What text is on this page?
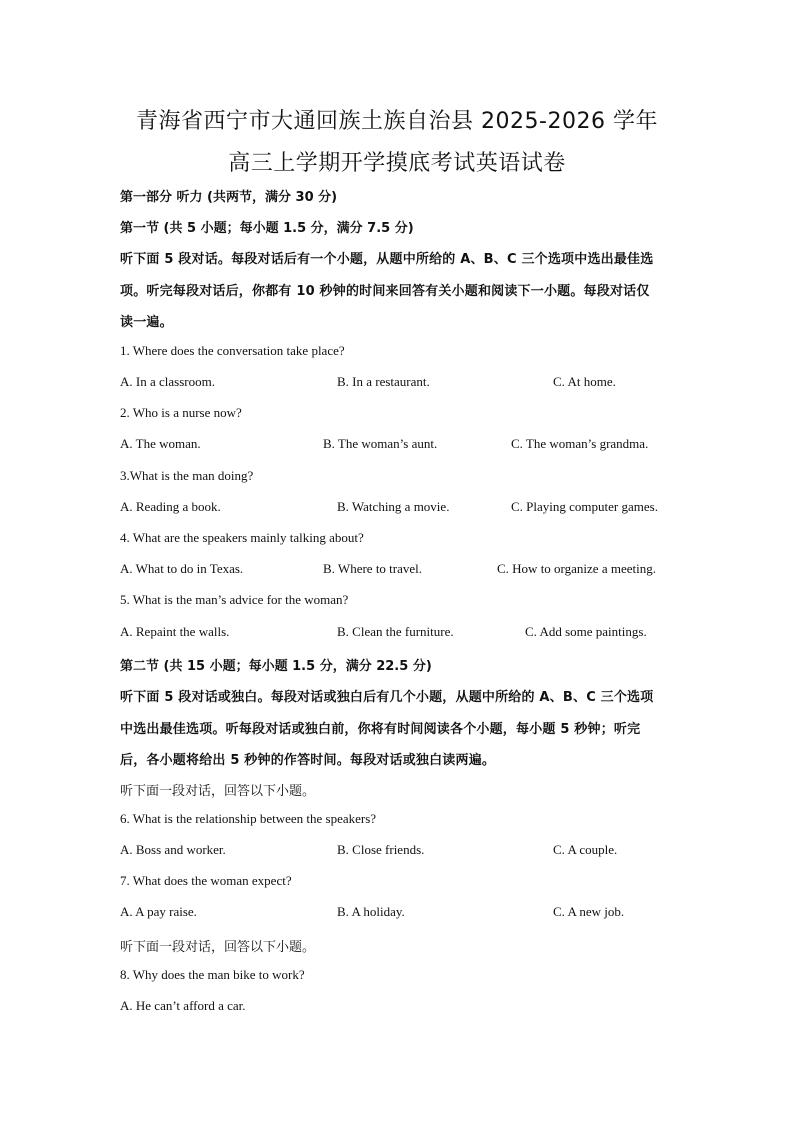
青海省西宁市大通回族土族自治县 2025-2026 学年
高三上学期开学摸底考试英语试卷
第一部分 听力 (共两节，满分 30 分)
第一节 (共 5 小题；每小题 1.5 分，满分 7.5 分)
听下面 5 段对话。每段对话后有一个小题，从题中所给的 A、B、C 三个选项中选出最佳选
项。听完每段对话后，你都有 10 秒钟的时间来回答有关小题和阅读下一小题。每段对话仅
读一遍。
1. Where does the conversation take place?
A. In a classroom.	B. In a restaurant.	C. At home.
2. Who is a nurse now?
A. The woman.	B. The woman’s aunt.	C. The woman’s grandma.
3.What is the man doing?
A. Reading a book.	B. Watching a movie.	C. Playing computer games.
4. What are the speakers mainly talking about?
A. What to do in Texas.	B. Where to travel.	C. How to organize a meeting.
5. What is the man’s advice for the woman?
A. Repaint the walls.	B. Clean the furniture.	C. Add some paintings.
第二节 (共 15 小题；每小题 1.5 分，满分 22.5 分)
听下面 5 段对话或独白。每段对话或独白后有几个小题，从题中所给的 A、B、C 三个选项
中选出最佳选项。听每段对话或独白前，你将有时间阅读各个小题，每小题 5 秒钟；听完
后，各小题将给出 5 秒钟的作答时间。每段对话或独白读两遍。
听下面一段对话，回答以下小题。
6. What is the relationship between the speakers?
A. Boss and worker.	B. Close friends.	C. A couple.
7. What does the woman expect?
A. A pay raise.	B. A holiday.	C. A new job.
听下面一段对话，回答以下小题。
8. Why does the man bike to work?
A. He can’t afford a car.
